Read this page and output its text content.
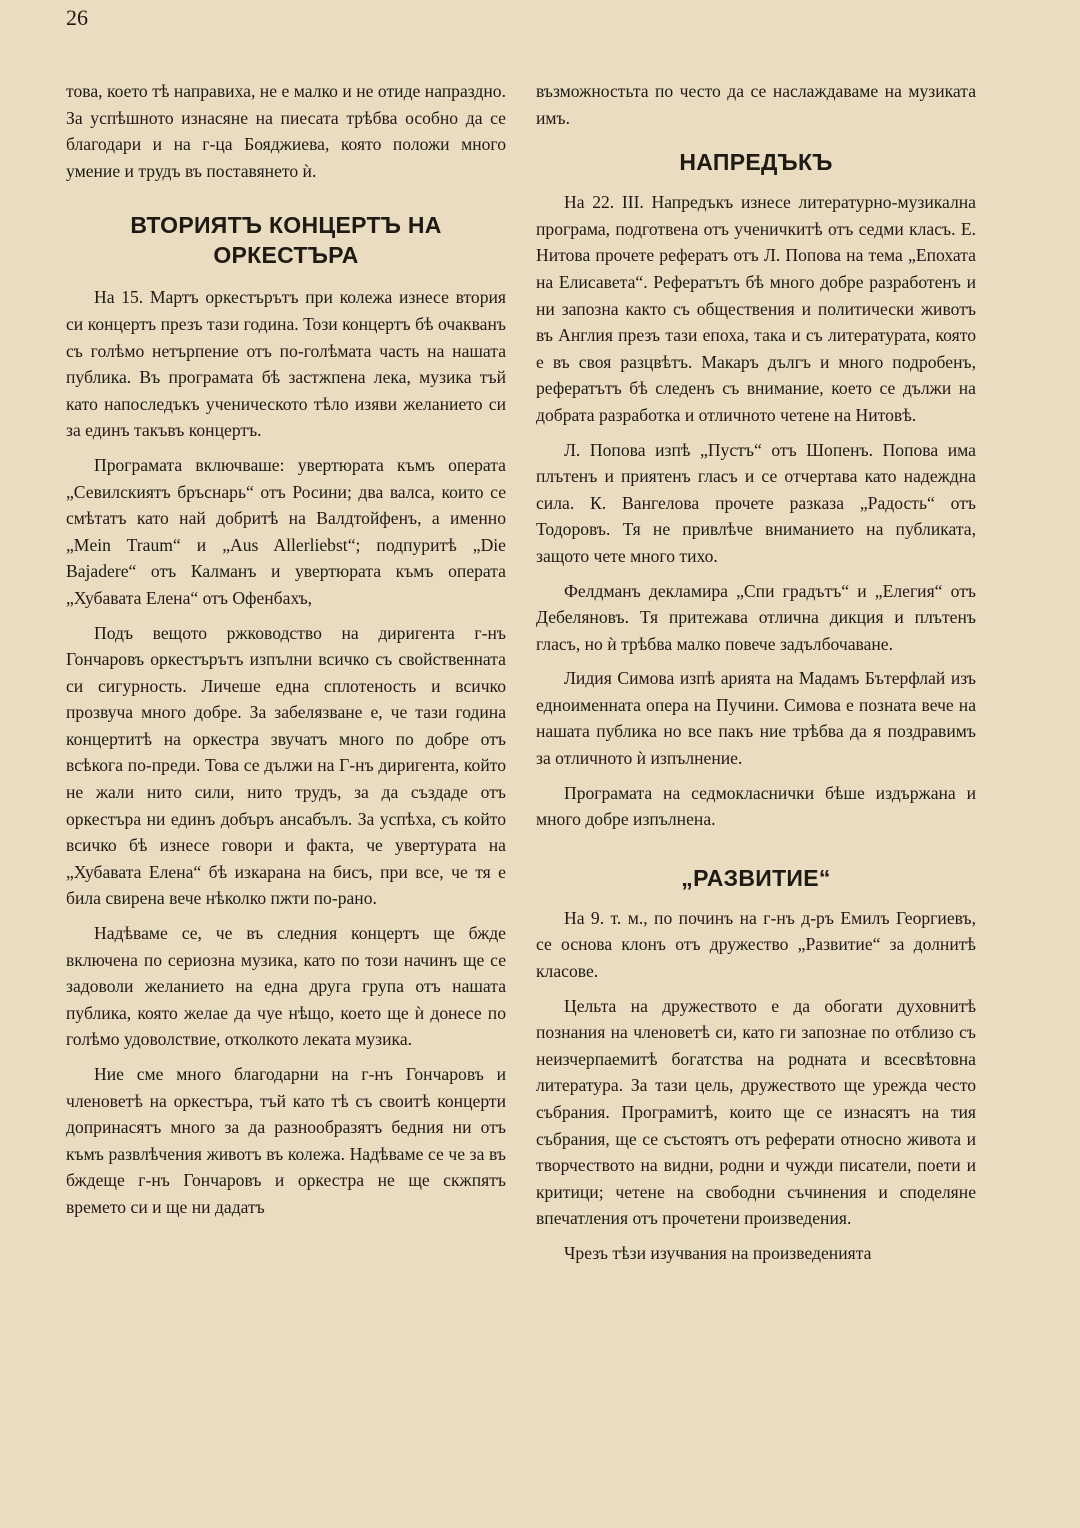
26

това, което тѣ направиха, не е малко и не отиде напраздно. За успѣшното изнасяне на пиесата трѣбва особно да се благодари и на г-ца Бояджиева, която положи много умение и трудъ въ поставянето ѝ.

ВТОРИЯТЪ КОНЦЕРТЪ НА ОРКЕСТЪРА

На 15. Мартъ оркестърътъ при колежа изнесе втория си концертъ презъ тази година. Този концертъ бѣ очакванъ съ голѣмо нетърпение отъ по-голѣмата часть на нашата публика. Въ програмата бѣ застжпена лека, музика тъй като напоследъкъ ученическото тѣло изяви желанието си за единъ такъвъ концертъ.

Програмата включваше: увертюрата къмъ операта „Севилскиятъ бръснарь“ отъ Росини; два валса, които се смѣтатъ като най добритѣ на Валдтойфенъ, а именно „Mein Traum“ и „Aus Allerliebst“; подпуритѣ „Die Bajadere“ отъ Калманъ и увертюрата къмъ операта „Хубавата Елена“ отъ Офенбахъ,

Подъ вещото ржководство на диригента г-нъ Гончаровъ оркестърътъ изпълни всичко съ свойственната си сигурность. Личеше една сплотеность и всичко прозвуча много добре. За забелязване е, че тази година концертитѣ на оркестра звучатъ много по добре отъ всѣкога по-преди. Това се дължи на Г-нъ диригента, който не жали нито сили, нито трудъ, за да създаде отъ оркестъра ни единъ добъръ ансабълъ. За успѣха, съ който всичко бѣ изнесе говори и факта, че увертурата на „Хубавата Елена“ бѣ изкарана на бисъ, при все, че тя е била свирена вече нѣколко пжти по-рано.

Надѣваме се, че въ следния концертъ ще бжде включена по сериозна музика, като по този начинъ ще се задоволи желанието на една друга група отъ нашата публика, която желае да чуе нѣщо, което ще ѝ донесе по голѣмо удоволствие, отколкото леката музика.

Ние сме много благодарни на г-нъ Гончаровъ и членоветѣ на оркестъра, тъй като тѣ съ своитѣ концерти допринасятъ много за да разнообразятъ бедния ни отъ къмъ развлѣчения животъ въ колежа. Надѣваме се че за въ бждеще г-нъ Гончаровъ и оркестра не ще скжпятъ времето си и ще ни дадатъ

възможностьта по често да се наслаждаваме на музиката имъ.

НАПРЕДЪКЪ

На 22. III. Напредъкъ изнесе литературно-музикална програма, подготвена отъ ученичкитѣ отъ седми класъ. Е. Нитова прочете рефератъ отъ Л. Попова на тема „Епохата на Елисавета“. Рефератътъ бѣ много добре разработенъ и ни запозна както съ обществения и политически животъ въ Англия презъ тази епоха, така и съ литературата, която е въ своя разцвѣтъ. Макаръ дългъ и много подробенъ, рефератътъ бѣ следенъ съ внимание, което се дължи на добрата разработка и отличното четене на Нитовѣ.

Л. Попова изпѣ „Пустъ“ отъ Шопенъ. Попова има плътенъ и приятенъ гласъ и се отчертава като надеждна сила. К. Вангелова прочете разказа „Радость“ отъ Тодоровъ. Тя не привлѣче вниманието на публиката, защото чете много тихо.

Фелдманъ декламира „Спи градътъ“ и „Елегия“ отъ Дебеляновъ. Тя притежава отлична дикция и плътенъ гласъ, но ѝ трѣбва малко повече задълбочаване.

Лидия Симова изпѣ арията на Мадамъ Бътерфлай изъ едноименната опера на Пучини. Симова е позната вече на нашата публика но все пакъ ние трѣбва да я поздравимъ за отличното ѝ изпълнение.

Програмата на седмокласнички бѣше издържана и много добре изпълнена.

„РАЗВИТИЕ“

На 9. т. м., по починъ на г-нъ д-ръ Емилъ Георгиевъ, се основа клонъ отъ дружество „Развитие“ за долнитѣ класове.

Цельта на дружеството е да обогати духовнитѣ познания на членоветѣ си, като ги запознае по отблизо съ неизчерпаемитѣ богатства на родната и всесвѣтовна литература. За тази цель, дружеството ще урежда често събрания. Програмитѣ, които ще се изнасятъ на тия събрания, ще се състоятъ отъ реферати относно живота и творчеството на видни, родни и чужди писатели, поети и критици; четене на свободни съчинения и споделяне впечатления отъ прочетени произведения.

Чрезъ тѣзи изучвания на произведенията
